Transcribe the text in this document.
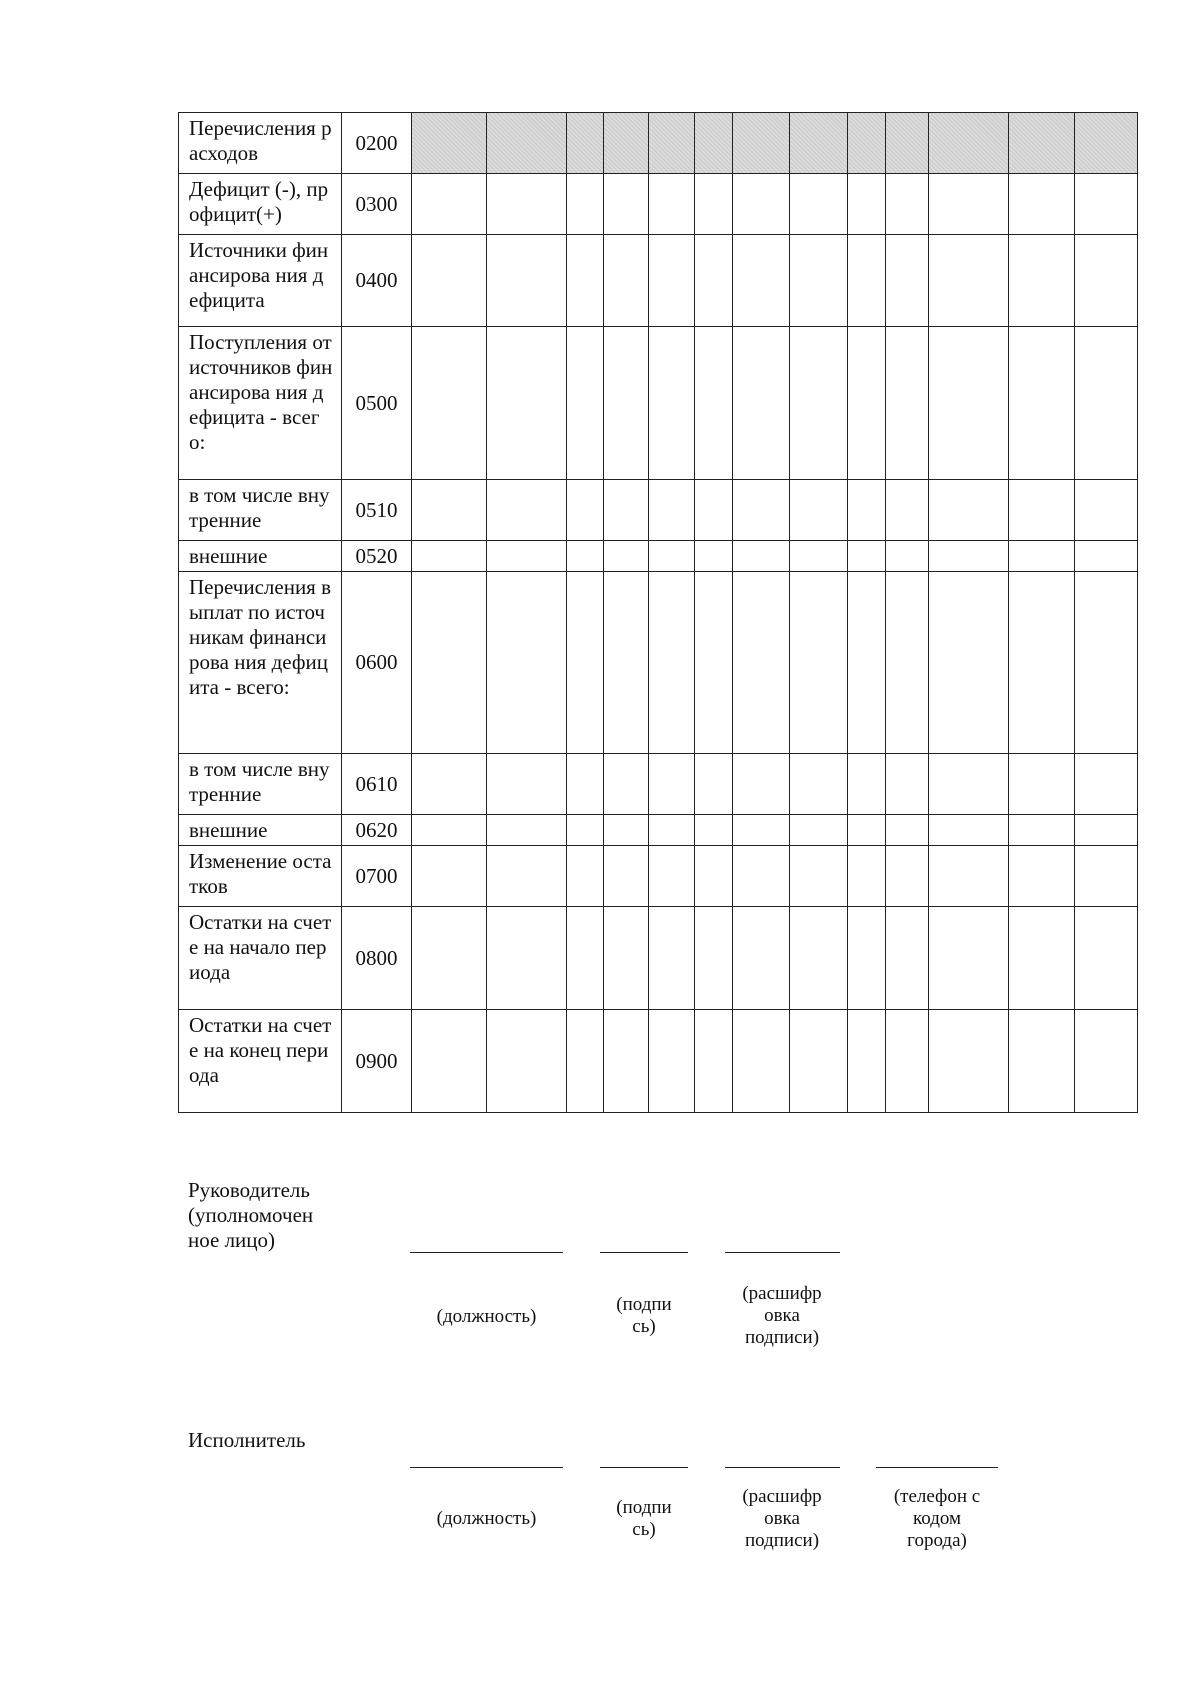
Перечисления расходов	0200													
Дефицит (-), профицит(+)	0300													
Источники финансирова ния дефицита	0400													
Поступления от источников финансирова ния дефицита - всего:	0500													
в том числе внутренние	0510													
внешние	0520													
Перечисления выплат по источникам финансирова ния дефицита - всего:	0600													
в том числе внутренние	0610													
внешние	0620													
Изменение остатков	0700													
Остатки на счете на начало периода	0800													
Остатки на счете на конец периода	0900													
Руководитель (уполномочен ное лицо)
(должность)
(подпи сь)
(расшифр овка подписи)
Исполнитель
(должность)
(подпи сь)
(расшифр овка подписи)
(телефон с кодом города)
